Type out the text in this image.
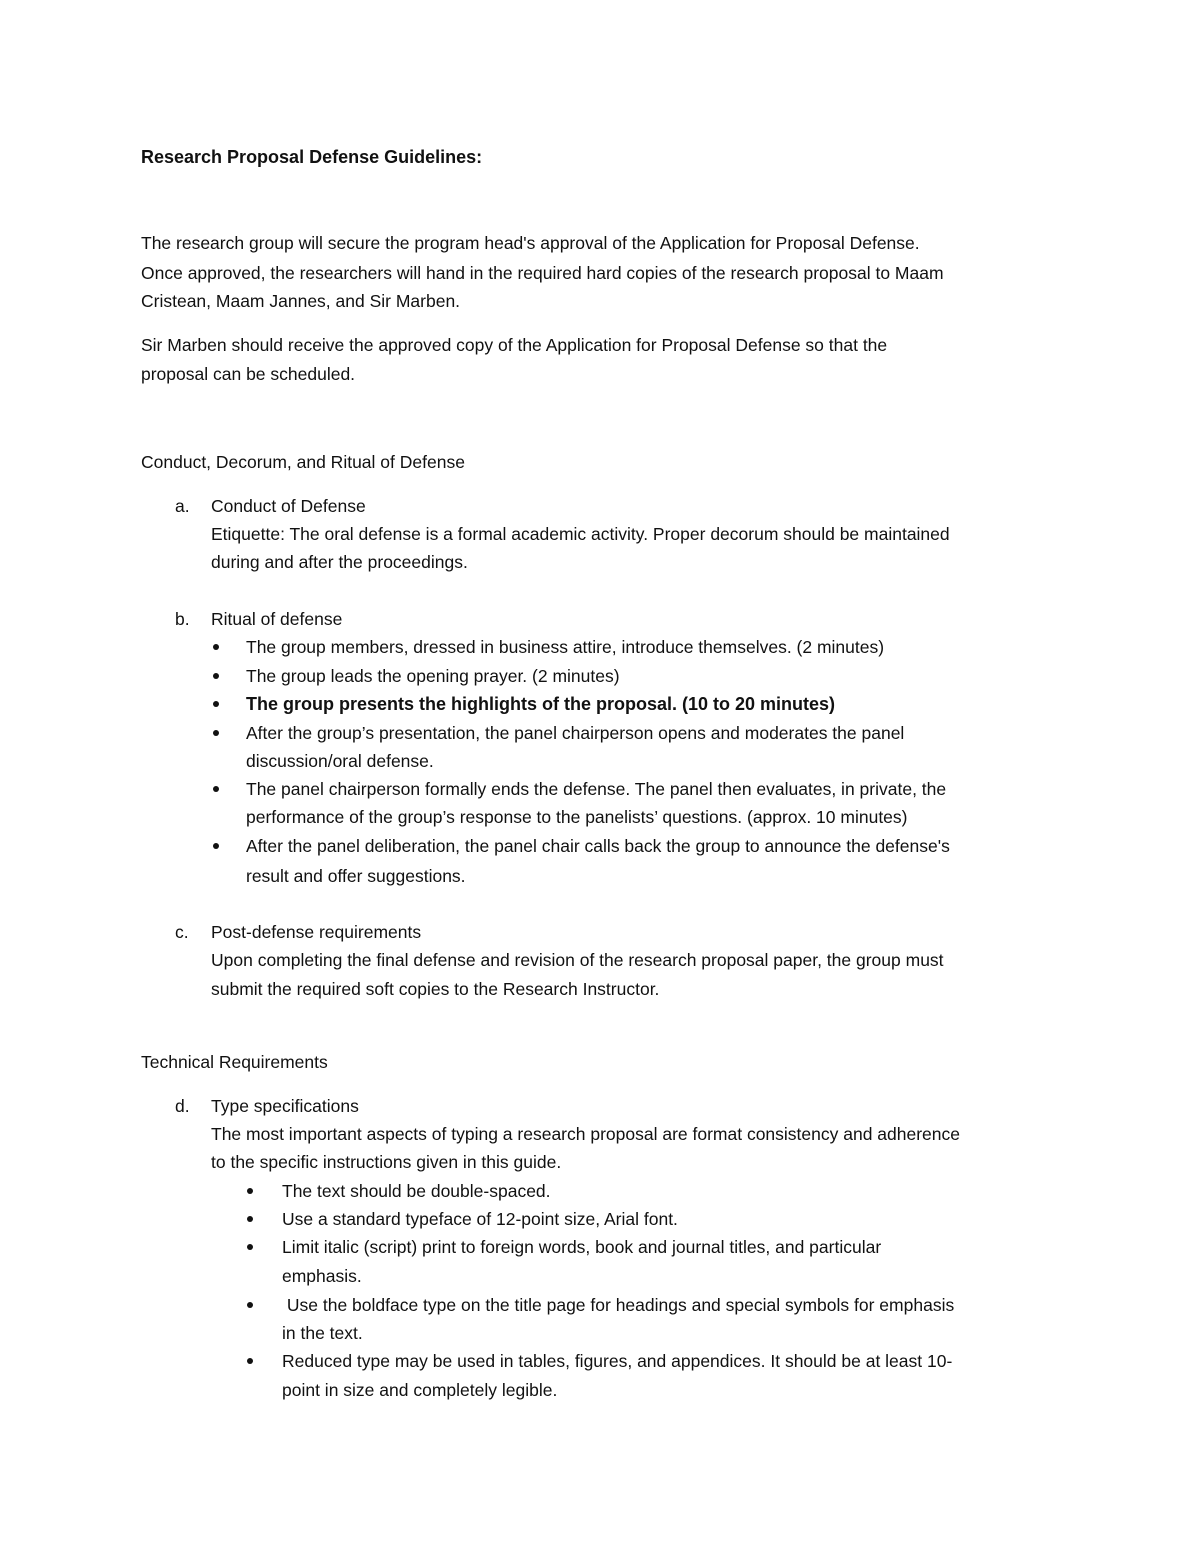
Research Proposal Defense Guidelines:
The research group will secure the program head's approval of the Application for Proposal Defense.
Once approved, the researchers will hand in the required hard copies of the research proposal to Maam
Cristean, Maam Jannes, and Sir Marben.
Sir Marben should receive the approved copy of the Application for Proposal Defense so that the
proposal can be scheduled.
Conduct, Decorum, and Ritual of Defense
a. Conduct of Defense
Etiquette: The oral defense is a formal academic activity. Proper decorum should be maintained
during and after the proceedings.
b. Ritual of defense
The group members, dressed in business attire, introduce themselves. (2 minutes)
The group leads the opening prayer. (2 minutes)
The group presents the highlights of the proposal. (10 to 20 minutes)
After the group’s presentation, the panel chairperson opens and moderates the panel
discussion/oral defense.
The panel chairperson formally ends the defense. The panel then evaluates, in private, the
performance of the group’s response to the panelists’ questions. (approx. 10 minutes)
After the panel deliberation, the panel chair calls back the group to announce the defense's
result and offer suggestions.
c. Post-defense requirements
Upon completing the final defense and revision of the research proposal paper, the group must
submit the required soft copies to the Research Instructor.
Technical Requirements
d. Type specifications
The most important aspects of typing a research proposal are format consistency and adherence
to the specific instructions given in this guide.
The text should be double-spaced.
Use a standard typeface of 12-point size, Arial font.
Limit italic (script) print to foreign words, book and journal titles, and particular
emphasis.
Use the boldface type on the title page for headings and special symbols for emphasis
in the text.
Reduced type may be used in tables, figures, and appendices. It should be at least 10-
point in size and completely legible.
